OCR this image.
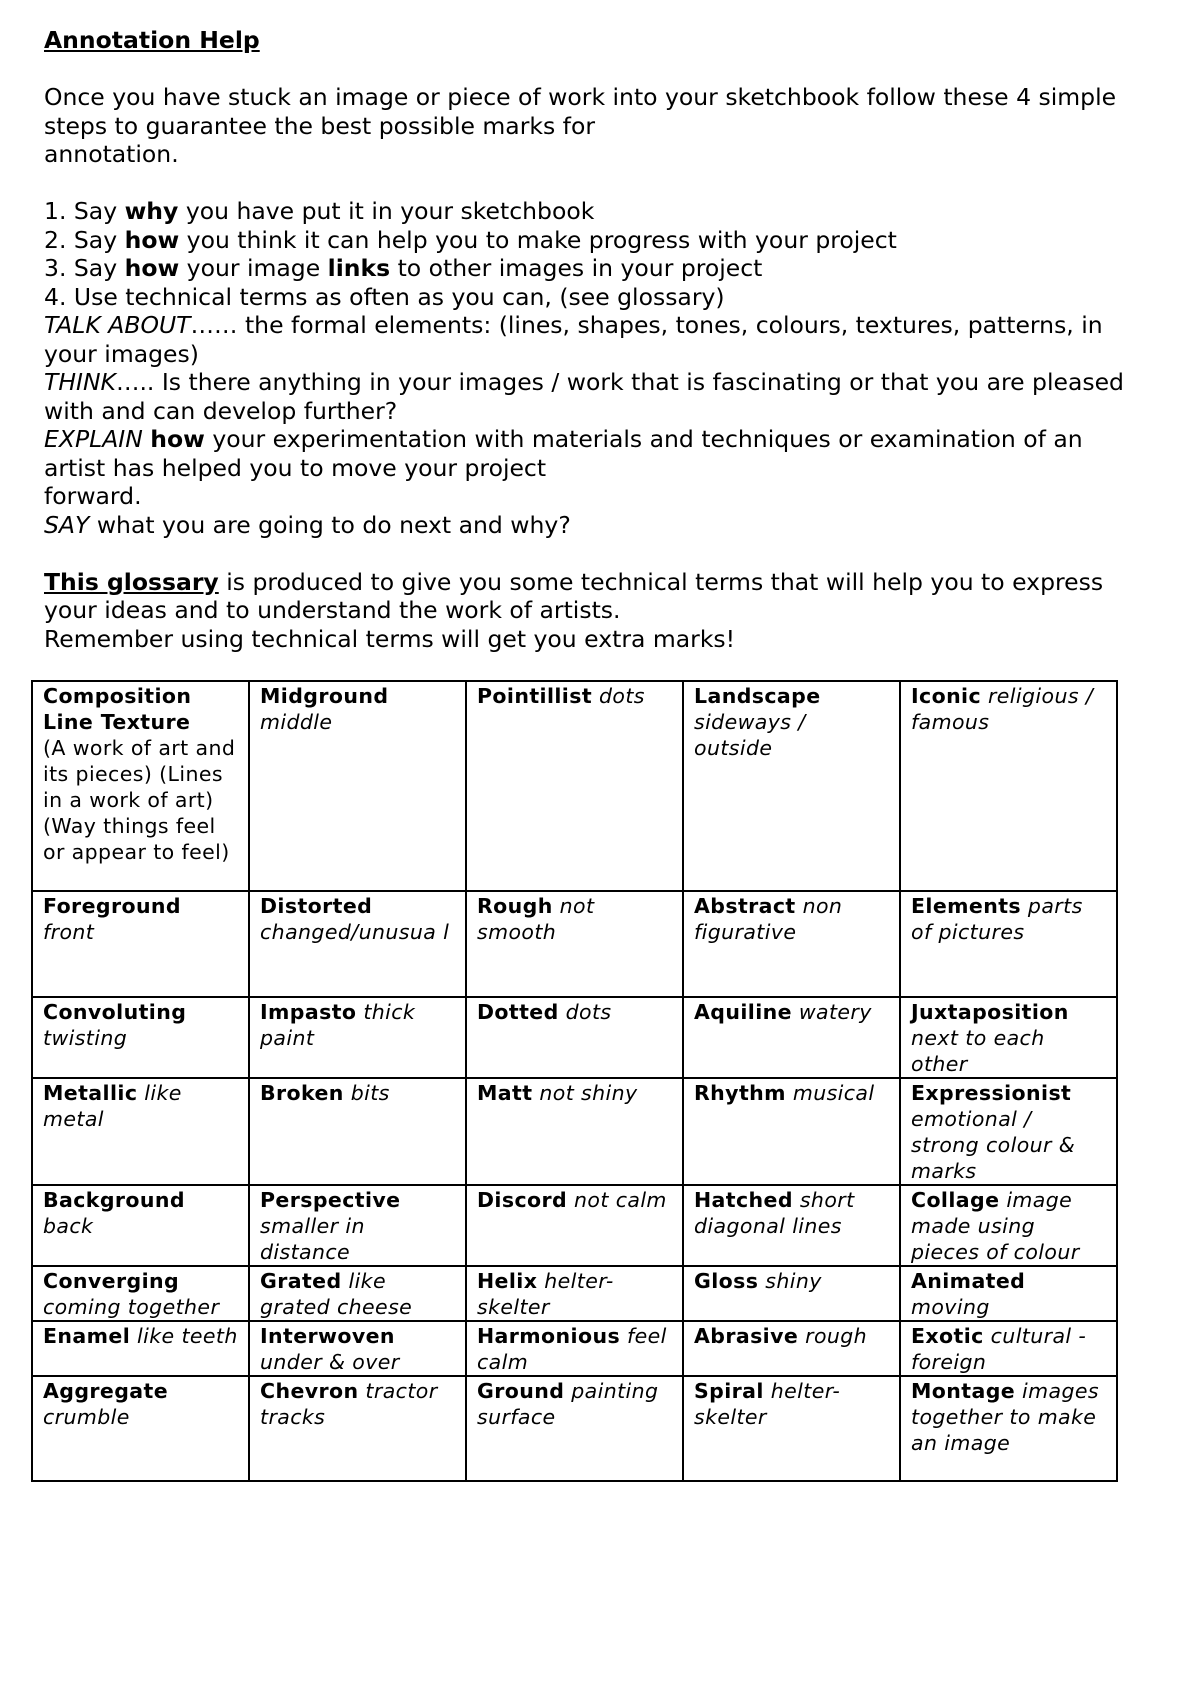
Annotation Help

Once you have stuck an image or piece of work into your sketchbook follow these 4 simple

steps to guarantee the best possible marks for

annotation.

1. Say why you have put it in your sketchbook

2. Say how you think it can help you to make progress with your project

3. Say how your image links to other images in your project

4. Use technical terms as often as you can, (see glossary)

TALK ABOUT…… the formal elements: (lines, shapes, tones, colours, textures, patterns, in

your images)

THINK….. Is there anything in your images / work that is fascinating or that you are pleased

with and can develop further?

EXPLAIN how your experimentation with materials and techniques or examination of an

artist has helped you to move your project

forward.

SAY what you are going to do next and why?

This glossary is produced to give you some technical terms that will help you to express

your ideas and to understand the work of artists.

Remember using technical terms will get you extra marks!

Composition
Line Texture
(A work of art and its pieces) (Lines in a work of art) (Way things feel or appear to feel)	Midground middle	Pointillist dots	Landscape sideways / outside	Iconic religious / famous
Foreground front	Distorted changed/unusua l	Rough not smooth	Abstract non figurative	Elements parts of pictures
Convoluting twisting	Impasto thick paint	Dotted dots	Aquiline watery	Juxtaposition next to each other
Metallic like metal	Broken bits	Matt not shiny	Rhythm musical	Expressionist emotional / strong colour & marks
Background back	Perspective smaller in distance	Discord not calm	Hatched short diagonal lines	Collage image made using pieces of colour
Converging coming together	Grated like grated cheese	Helix helter-skelter	Gloss shiny	Animated moving
Enamel like teeth	Interwoven under & over	Harmonious feel calm	Abrasive rough	Exotic cultural - foreign
Aggregate crumble	Chevron tractor tracks	Ground painting surface	Spiral helter-skelter	Montage images together to make an image
